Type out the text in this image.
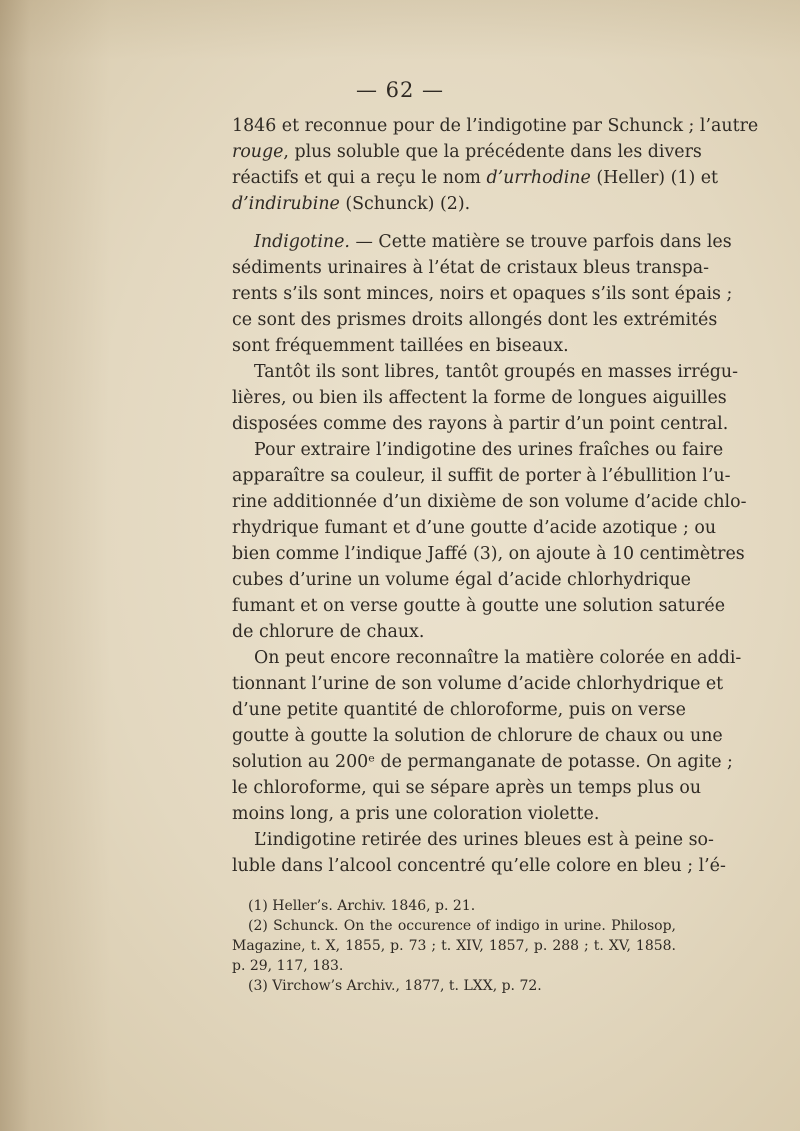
— 62 —
1846 et reconnue pour de l’indigotine par Schunck ; l’autre
rouge, plus soluble que la précédente dans les divers
réactifs et qui a reçu le nom d’urrhodine (Heller) (1) et
d’indirubine (Schunck) (2).
Indigotine. — Cette matière se trouve parfois dans les
sédiments urinaires à l’état de cristaux bleus transpa-
rents s’ils sont minces, noirs et opaques s’ils sont épais ;
ce sont des prismes droits allongés dont les extrémités
sont fréquemment taillées en biseaux.
Tantôt ils sont libres, tantôt groupés en masses irrégu-
lières, ou bien ils affectent la forme de longues aiguilles
disposées comme des rayons à partir d’un point central.
Pour extraire l’indigotine des urines fraîches ou faire
apparaître sa couleur, il suffit de porter à l’ébullition l’u-
rine additionnée d’un dixième de son volume d’acide chlo-
rhydrique fumant et d’une goutte d’acide azotique ; ou
bien comme l’indique Jaffé (3), on ajoute à 10 centimètres
cubes d’urine un volume égal d’acide chlorhydrique
fumant et on verse goutte à goutte une solution saturée
de chlorure de chaux.
On peut encore reconnaître la matière colorée en addi-
tionnant l’urine de son volume d’acide chlorhydrique et
d’une petite quantité de chloroforme, puis on verse
goutte à goutte la solution de chlorure de chaux ou une
solution au 200ᵉ de permanganate de potasse. On agite ;
le chloroforme, qui se sépare après un temps plus ou
moins long, a pris une coloration violette.
L’indigotine retirée des urines bleues est à peine so-
luble dans l’alcool concentré qu’elle colore en bleu ; l’é-
(1) Heller’s. Archiv. 1846, p. 21.
(2) Schunck. On the occurence of indigo in urine. Philosop,
Magazine, t. X, 1855, p. 73 ; t. XIV, 1857, p. 288 ; t. XV, 1858.
p. 29, 117, 183.
(3) Virchow’s Archiv., 1877, t. LXX, p. 72.
